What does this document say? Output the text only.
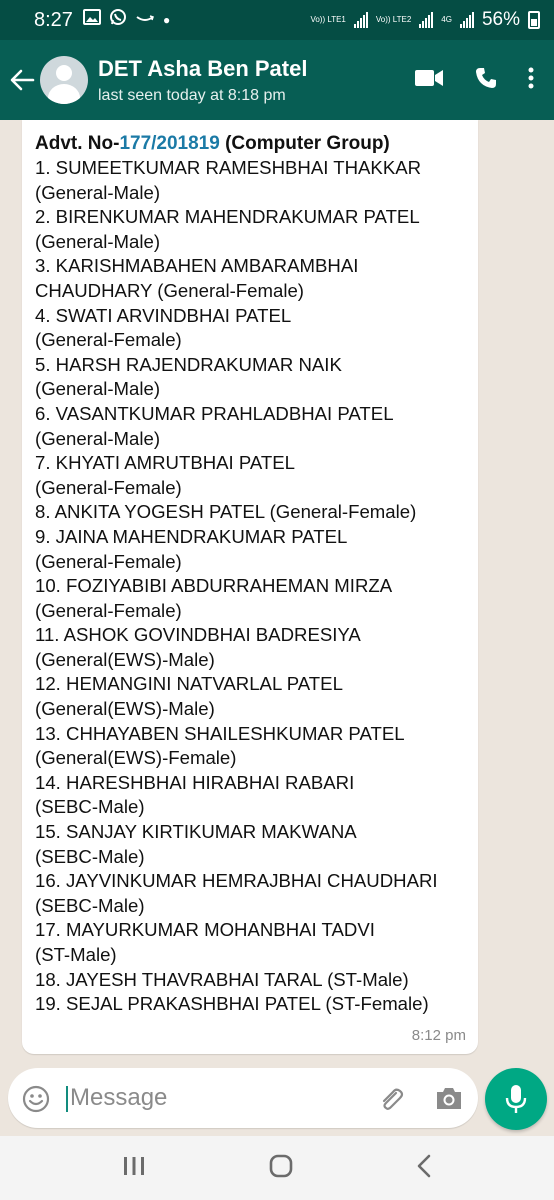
8:27	●	Vo)) LTE1	Vo)) LTE2	4G 56%
DET Asha Ben Patel
last seen today at 8:18 pm
Advt. No-177/201819 (Computer Group)
1. SUMEETKUMAR RAMESHBHAI THAKKAR
(General-Male)
2. BIRENKUMAR MAHENDRAKUMAR PATEL
(General-Male)
3. KARISHMABAHEN AMBARAMBHAI
CHAUDHARY (General-Female)
4. SWATI ARVINDBHAI PATEL
(General-Female)
5. HARSH RAJENDRAKUMAR NAIK
(General-Male)
6. VASANTKUMAR PRAHLADBHAI PATEL
(General-Male)
7. KHYATI AMRUTBHAI PATEL
(General-Female)
8. ANKITA YOGESH PATEL (General-Female)
9. JAINA MAHENDRAKUMAR PATEL
(General-Female)
10. FOZIYABIBI ABDURRAHEMAN MIRZA
(General-Female)
11. ASHOK GOVINDBHAI BADRESIYA
(General(EWS)-Male)
12. HEMANGINI NATVARLAL PATEL
(General(EWS)-Male)
13. CHHAYABEN SHAILESHKUMAR PATEL
(General(EWS)-Female)
14. HARESHBHAI HIRABHAI RABARI
(SEBC-Male)
15. SANJAY KIRTIKUMAR MAKWANA
(SEBC-Male)
16. JAYVINKUMAR HEMRAJBHAI CHAUDHARI
(SEBC-Male)
17. MAYURKUMAR MOHANBHAI TADVI
(ST-Male)
18. JAYESH THAVRABHAI TARAL (ST-Male)
19. SEJAL PRAKASHBHAI PATEL (ST-Female)
8:12 pm
Message
